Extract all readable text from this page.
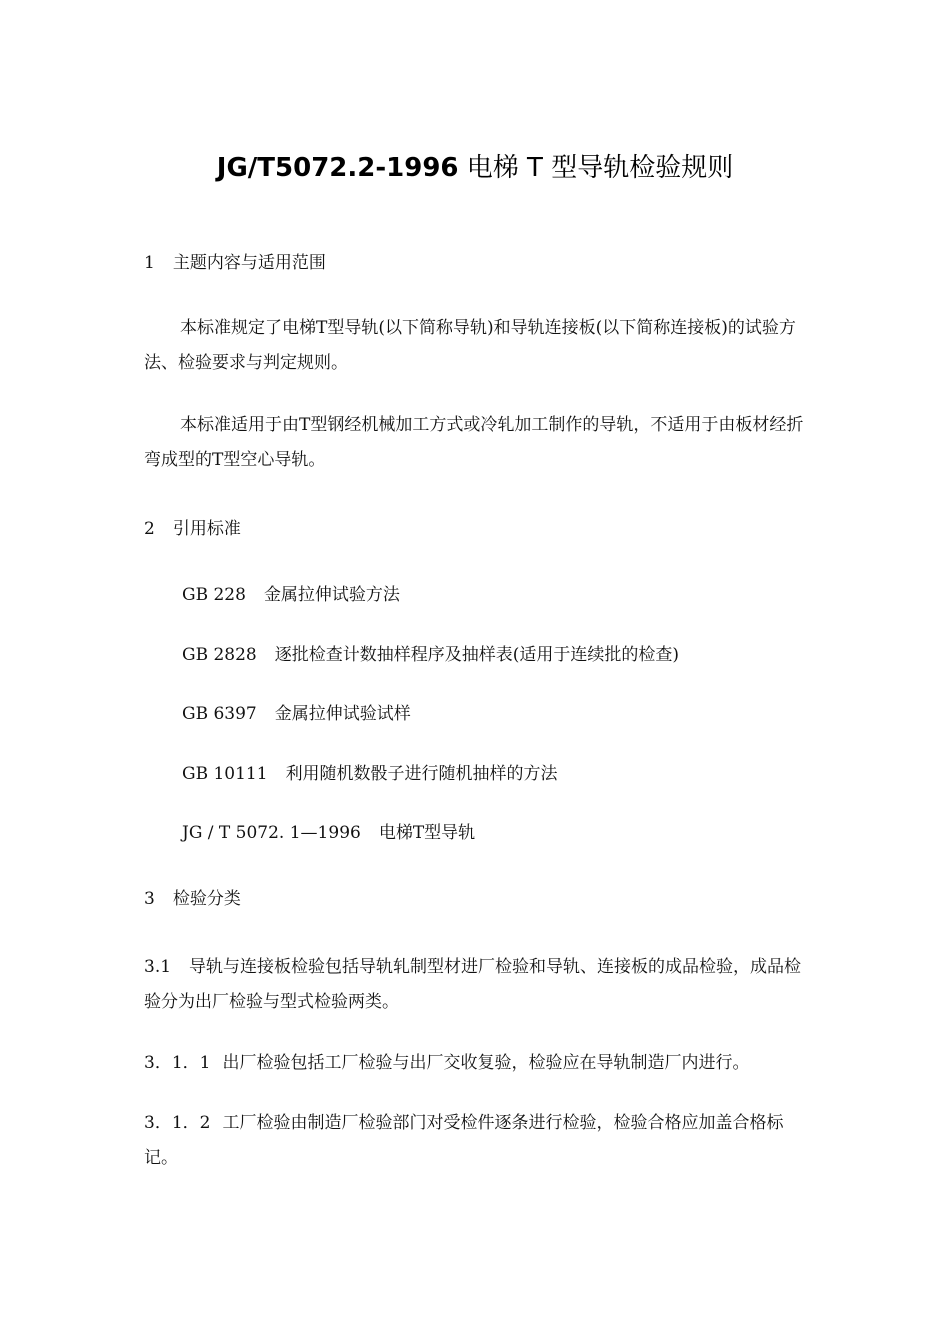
JG/T5072.2-1996 电梯 T 型导轨检验规则
1 主题内容与适用范围

本标准规定了电梯T型导轨(以下简称导轨)和导轨连接板(以下简称连接板)的试验方法、检验要求与判定规则。

本标准适用于由T型钢经机械加工方式或冷轧加工制作的导轨，不适用于由板材经折弯成型的T型空心导轨。

2 引用标准
GB 228 金属拉伸试验方法
GB 2828 逐批检查计数抽样程序及抽样表(适用于连续批的检查)
GB 6397 金属拉伸试验试样
GB 10111 利用随机数骰子进行随机抽样的方法
JG / T 5072. 1—1996 电梯T型导轨
3 检验分类

3.1 导轨与连接板检验包括导轨轧制型材进厂检验和导轨、连接板的成品检验，成品检验分为出厂检验与型式检验两类。

3．1．1 出厂检验包括工厂检验与出厂交收复验，检验应在导轨制造厂内进行。

3．1．2 工厂检验由制造厂检验部门对受检件逐条进行检验，检验合格应加盖合格标记。
